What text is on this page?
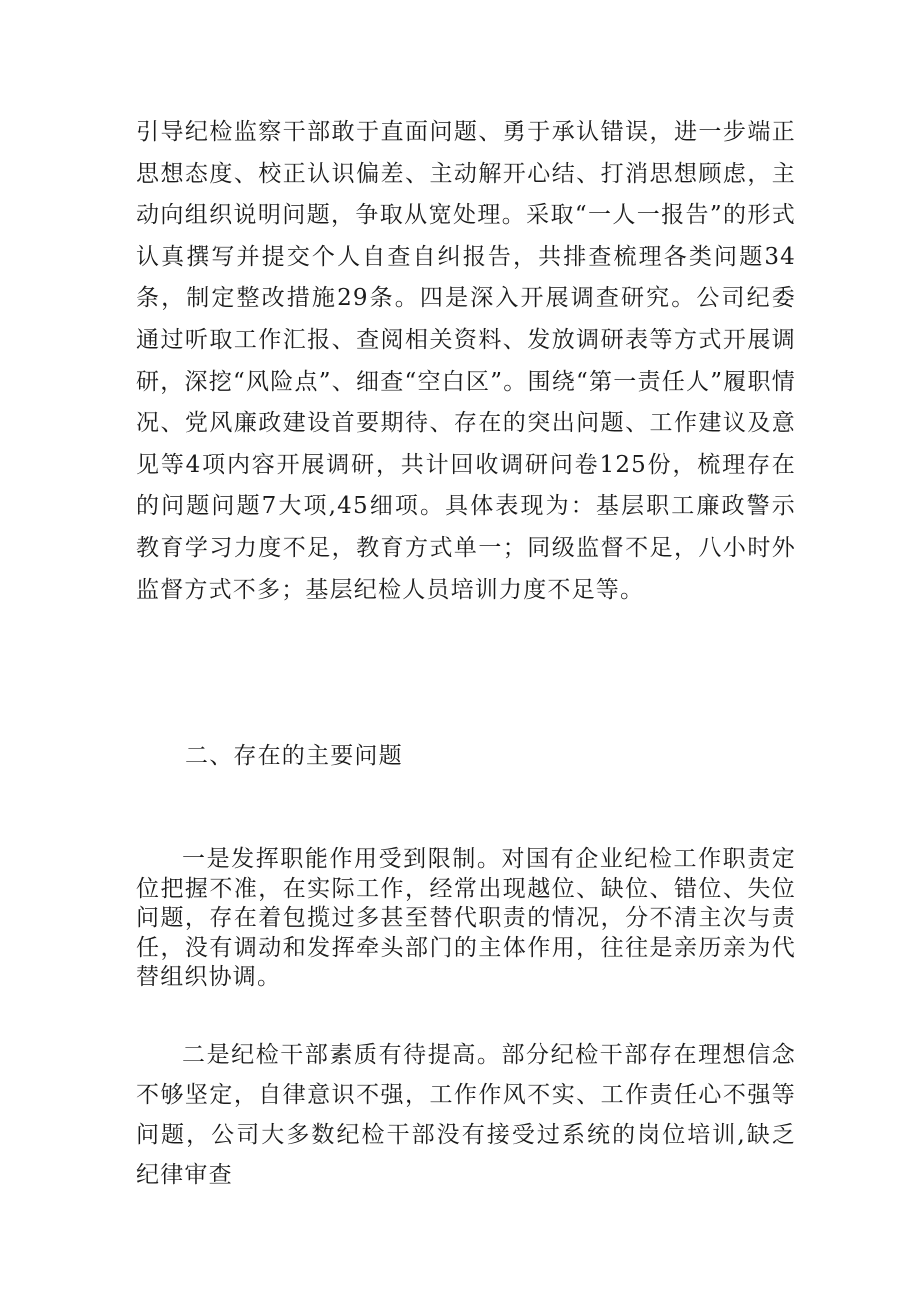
引导纪检监察干部敢于直面问题、勇于承认错误，进一步端正思想态度、校正认识偏差、主动解开心结、打消思想顾虑，主动向组织说明问题，争取从宽处理。采取“一人一报告”的形式认真撰写并提交个人自查自纠报告，共排查梳理各类问题34条，制定整改措施29条。四是深入开展调查研究。公司纪委通过听取工作汇报、查阅相关资料、发放调研表等方式开展调研，深挖“风险点”、细查“空白区”。围绕“第一责任人”履职情况、党风廉政建设首要期待、存在的突出问题、工作建议及意见等4项内容开展调研，共计回收调研问卷125份，梳理存在的问题问题7大项,45细项。具体表现为：基层职工廉政警示教育学习力度不足，教育方式单一；同级监督不足，八小时外监督方式不多；基层纪检人员培训力度不足等。

二、存在的主要问题

一是发挥职能作用受到限制。对国有企业纪检工作职责定位把握不准，在实际工作，经常出现越位、缺位、错位、失位问题，存在着包揽过多甚至替代职责的情况，分不清主次与责任，没有调动和发挥牵头部门的主体作用，往往是亲历亲为代替组织协调。

二是纪检干部素质有待提高。部分纪检干部存在理想信念不够坚定，自律意识不强，工作作风不实、工作责任心不强等问题，公司大多数纪检干部没有接受过系统的岗位培训,缺乏纪律审查
